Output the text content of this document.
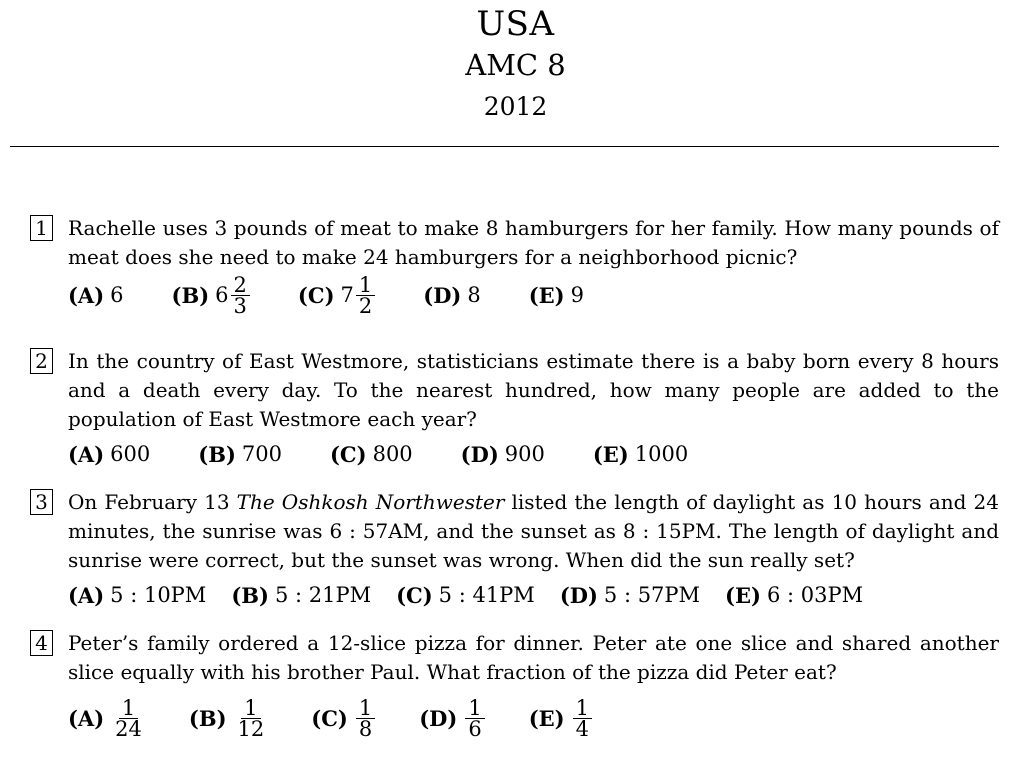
USA
AMC 8
2012
1 Rachelle uses 3 pounds of meat to make 8 hamburgers for her family. How many pounds of meat does she need to make 24 hamburgers for a neighborhood picnic?
(A) 6 (B) $6 \frac{2}{3} (C)$ $7 \frac{1}{2} (D)$ 8 (E) 9
2 In the country of East Westmore, statisticians estimate there is a baby born every 8 hours and a death every day. To the nearest hundred, how many people are added to the population of East Westmore each year?
(A) 600 (B) 700 (C) 800 (D) 900 (E) 1000
3 On February 13 The Oshkosh Northwester listed the length of daylight as 10 hours and 24 minutes, the sunrise was 6 : 57AM, and the sunset as 8 : 15PM. The length of daylight and sunrise were correct, but the sunset was wrong. When did the sun really set?
(A) 5 : 10PM (B) 5 : 21PM (C) 5 : 41PM (D) 5 : 57PM (E) 6 : 03PM
4 Peter’s family ordered a 12-slice pizza for dinner. Peter ate one slice and shared another slice equally with his brother Paul. What fraction of the pizza did Peter eat?
$(A) \frac{1}{24} (B) \frac{1}{12} (C) \frac{1}{8} (D) \frac{1}{6} (E) \frac{1}{4}$
